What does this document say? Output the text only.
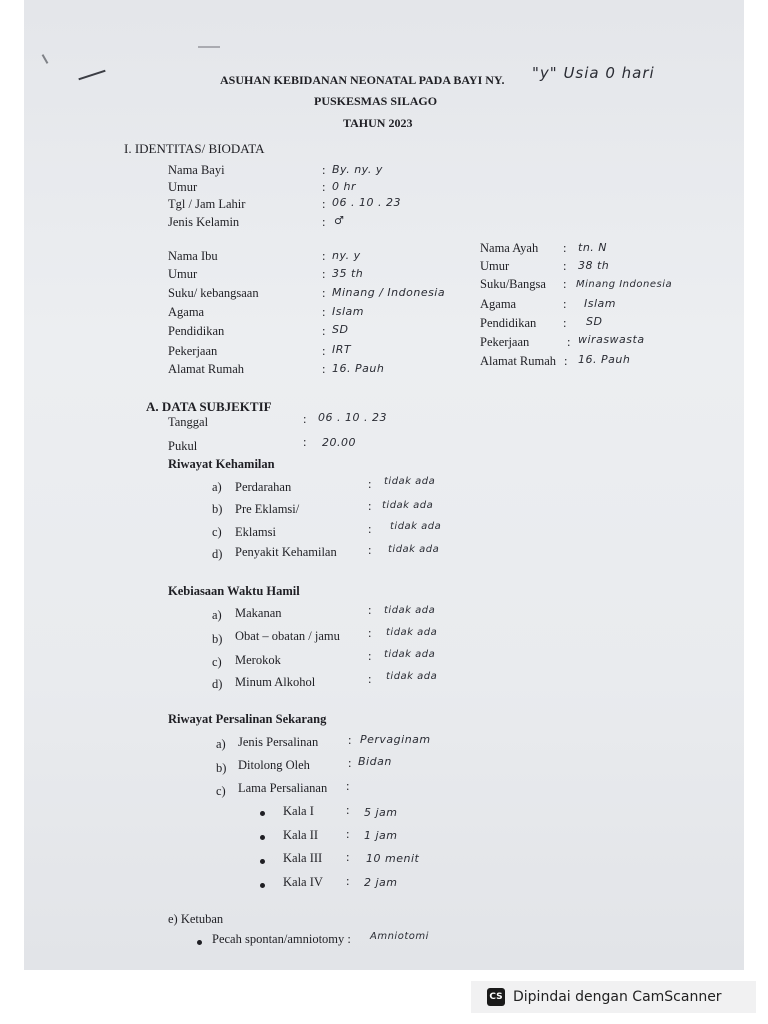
ASUHAN KEBIDANAN NEONATAL PADA BAYI NY. "y" Usia 0 hari
PUSKESMAS SILAGO
TAHUN 2023
I. IDENTITAS/ BIODATA
Nama Bayi	: By. ny. y
Umur	: 0 hr
Tgl / Jam Lahir	: 06 . 10 . 23
Jenis Kelamin	: ♂
Nama Ibu	: ny. y
Umur	: 35 th
Suku/ kebangsaan	: Minang / Indonesia
Agama	: Islam
Pendidikan	: SD
Pekerjaan	: IRT
Alamat Rumah	: 16. Pauh
Nama Ayah : tn. N
Umur	: 38 th
Suku/Bangsa : Minang Indonesia
Agama	: Islam
Pendidikan : SD
Pekerjaan	: wiraswasta
Alamat Rumah : 16. Pauh
A. DATA SUBJEKTIF
Tanggal	: 06 . 10 . 23
Pukul	: 20.00
Riwayat Kehamilan
a) Perdarahan	: tidak ada
b) Pre Eklamsi/	: tidak ada
c) Eklamsi	: tidak ada
d) Penyakit Kehamilan	: tidak ada
Kebiasaan Waktu Hamil
a) Makanan	: tidak ada
b) Obat – obatan / jamu : tidak ada
c) Merokok	: tidak ada
d) Minum Alkohol	: tidak ada
Riwayat Persalinan Sekarang
a) Jenis Persalinan : Pervaginam
b) Ditolong Oleh	: Bidan
c) Lama Persalianan :
Kala I	: 5 jam
Kala II : 1 jam
Kala III : 10 menit
Kala IV : 2 jam
e) Ketuban
Pecah spontan/amniotomy : Amniotomi
CS Dipindai dengan CamScanner
